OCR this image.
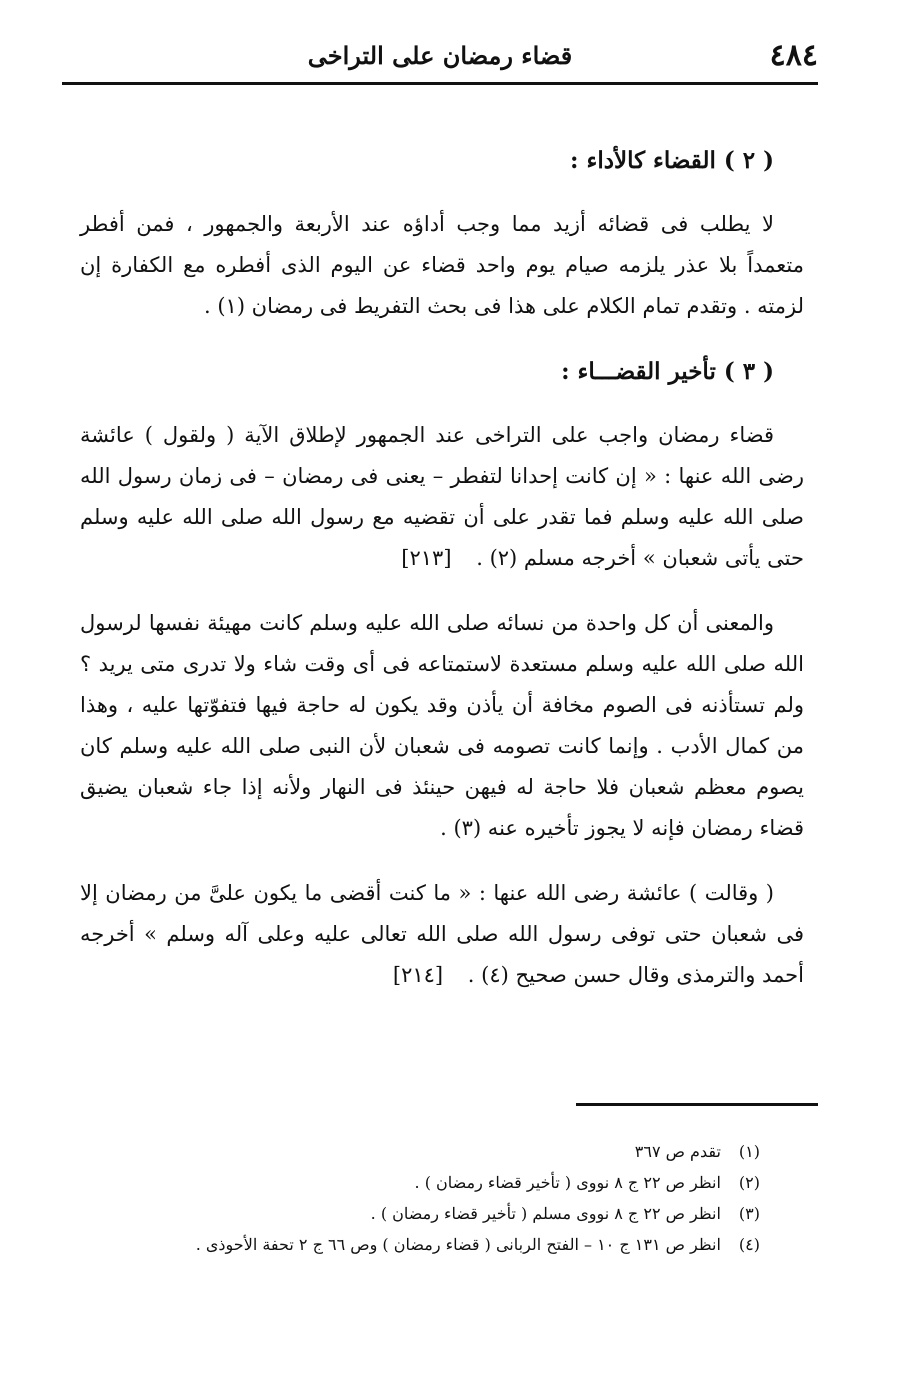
٤٨٤
قضاء رمضان على التراخى
( ٢ ) القضاء كالأداء :

لا يطلب فى قضائه أزيد مما وجب أداؤه عند الأربعة والجمهور ، فمن أفطر متعمداً بلا عذر يلزمه صيام يوم واحد قضاء عن اليوم الذى أفطره مع الكفارة إن لزمته . وتقدم تمام الكلام على هذا فى بحث التفريط فى رمضان (١) .

( ٣ ) تأخير القضـــاء :

قضاء رمضان واجب على التراخى عند الجمهور لإطلاق الآية ( ولقول ) عائشة رضى الله عنها : « إن كانت إحدانا لتفطر – يعنى فى رمضان – فى زمان رسول الله صلى الله عليه وسلم فما تقدر على أن تقضيه مع رسول الله صلى الله عليه وسلم حتى يأتى شعبان » أخرجه مسلم (٢) . [٢١٣]

والمعنى أن كل واحدة من نسائه صلى الله عليه وسلم كانت مهيئة نفسها لرسول الله صلى الله عليه وسلم مستعدة لاستمتاعه فى أى وقت شاء ولا تدرى متى يريد ؟ ولم تستأذنه فى الصوم مخافة أن يأذن وقد يكون له حاجة فيها فتفوّتها عليه ، وهذا من كمال الأدب . وإنما كانت تصومه فى شعبان لأن النبى صلى الله عليه وسلم كان يصوم معظم شعبان فلا حاجة له فيهن حينئذ فى النهار ولأنه إذا جاء شعبان يضيق قضاء رمضان فإنه لا يجوز تأخيره عنه (٣) .

( وقالت ) عائشة رضى الله عنها : « ما كنت أقضى ما يكون علىَّ من رمضان إلا فى شعبان حتى توفى رسول الله صلى الله تعالى عليه وعلى آله وسلم » أخرجه أحمد والترمذى وقال حسن صحيح (٤) . [٢١٤]

(١) تقدم ص ٣٦٧
(٢) انظر ص ٢٢ ج ٨ نووى ( تأخير قضاء رمضان ) .
(٣) انظر ص ٢٢ ج ٨ نووى مسلم ( تأخير قضاء رمضان ) .
(٤) انظر ص ١٣١ ج ١٠ – الفتح الربانى ( قضاء رمضان ) وص ٦٦ ج ٢ تحفة الأحوذى .
